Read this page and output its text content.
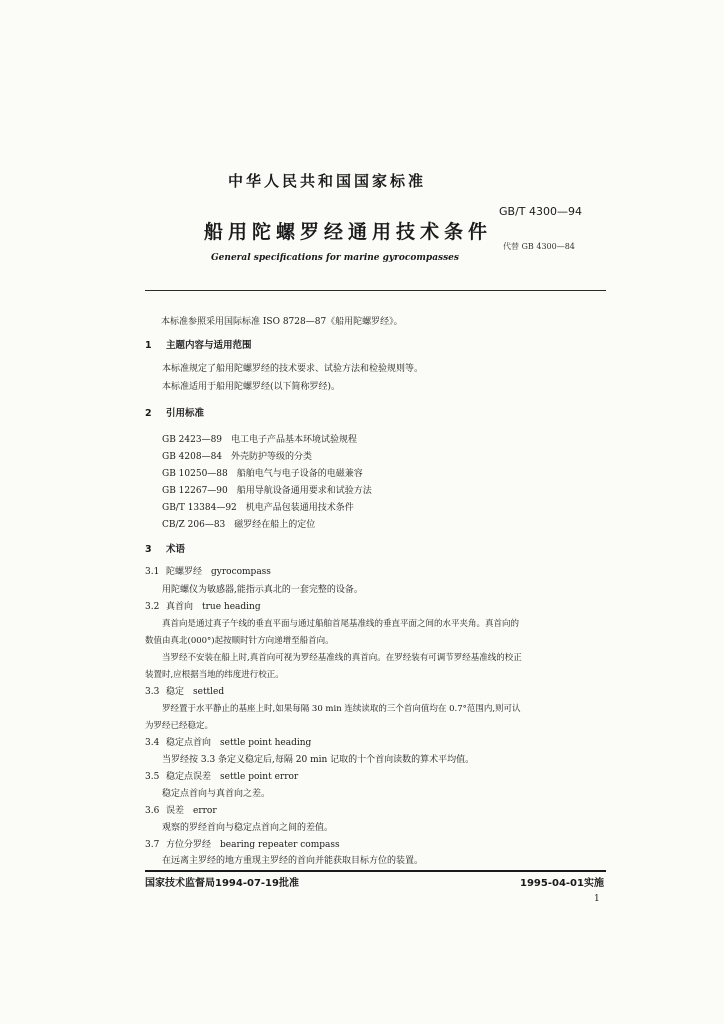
中华人民共和国国家标准
GB/T 4300—94
船用陀螺罗经通用技术条件
代替 GB 4300—84
General specifications for marine gyrocompasses
本标准参照采用国际标准 ISO 8728—87《船用陀螺罗经》。
1 主题内容与适用范围
本标准规定了船用陀螺罗经的技术要求、试验方法和检验规则等。
本标准适用于船用陀螺罗经(以下简称罗经)。
2 引用标准
GB 2423—89　电工电子产品基本环境试验规程
GB 4208—84　外壳防护等级的分类
GB 10250—88　船舶电气与电子设备的电磁兼容
GB 12267—90　船用导航设备通用要求和试验方法
GB/T 13384—92　机电产品包装通用技术条件
CB/Z 206—83　磁罗经在船上的定位
3 术语
3.1 陀螺罗经　gyrocompass
用陀螺仪为敏感器,能指示真北的一套完整的设备。
3.2 真首向　true heading
真首向是通过真子午线的垂直平面与通过船舶首尾基准线的垂直平面之间的水平夹角。真首向的
数值由真北(000°)起按顺时针方向递增至船首向。
当罗经不安装在船上时,真首向可视为罗经基准线的真首向。在罗经装有可调节罗经基准线的校正
装置时,应根据当地的纬度进行校正。
3.3 稳定　settled
罗经置于水平静止的基座上时,如果每隔 30 min 连续读取的三个首向值均在 0.7°范围内,则可认
为罗经已经稳定。
3.4 稳定点首向　settle point heading
当罗经按 3.3 条定义稳定后,每隔 20 min 记取的十个首向读数的算术平均值。
3.5 稳定点误差　settle point error
稳定点首向与真首向之差。
3.6 误差　error
观察的罗经首向与稳定点首向之间的差值。
3.7 方位分罗经　bearing repeater compass
在远离主罗经的地方重现主罗经的首向并能获取目标方位的装置。
国家技术监督局1994-07-19批准	1995-04-01实施
1
